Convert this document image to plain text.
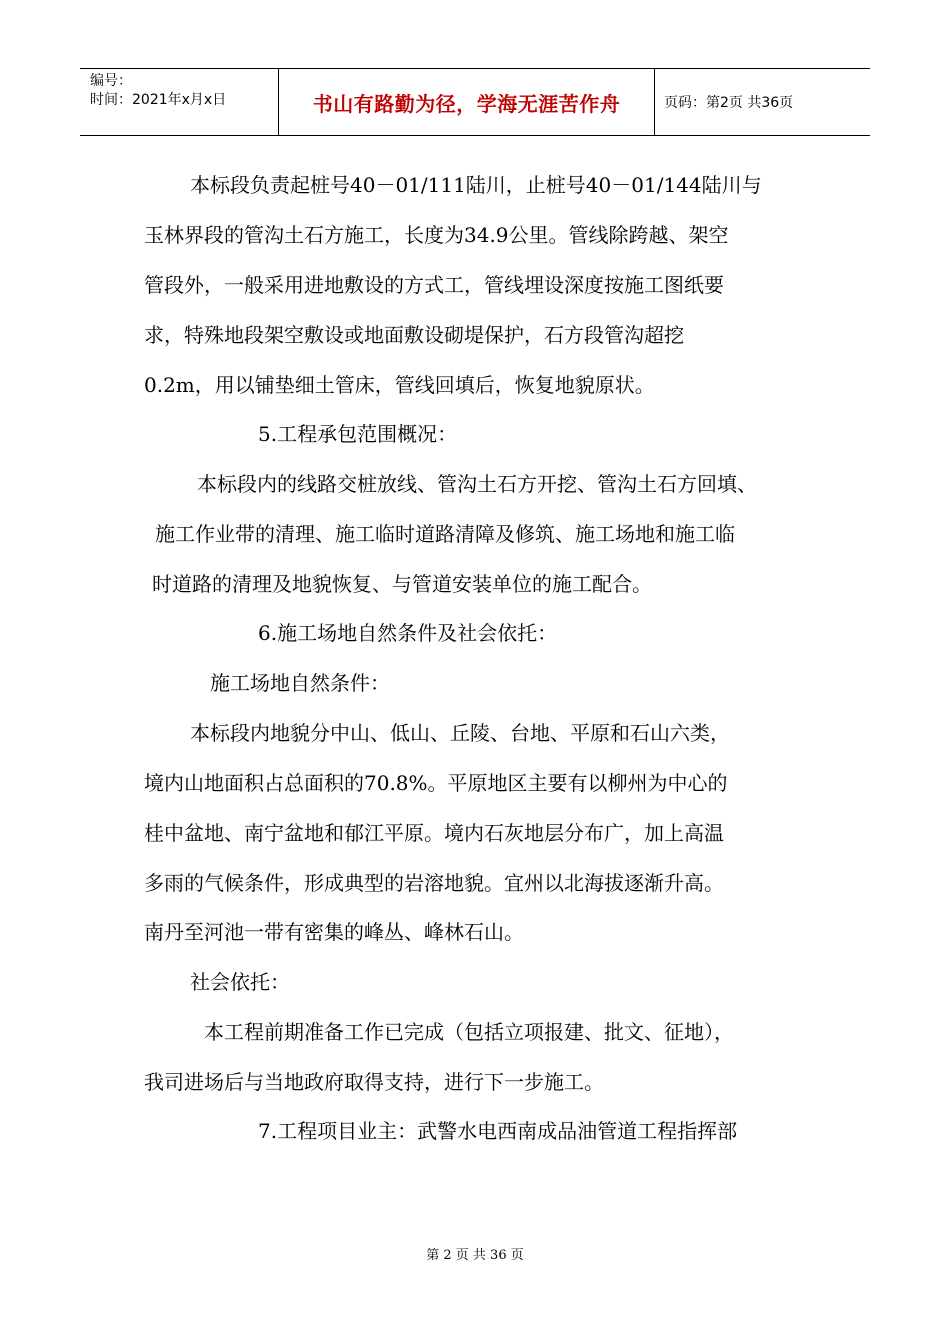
编号：
时间：2021年x月x日	书山有路勤为径，学海无涯苦作舟	页码：第2页 共36页
本标段负责起桩号40－01/111陆川，止桩号40－01/144陆川与
玉林界段的管沟土石方施工，长度为34.9公里。管线除跨越、架空
管段外，一般采用进地敷设的方式工，管线埋设深度按施工图纸要
求，特殊地段架空敷设或地面敷设砌堤保护，石方段管沟超挖
0.2m，用以铺垫细土管床，管线回填后，恢复地貌原状。
5.工程承包范围概况：
本标段内的线路交桩放线、管沟土石方开挖、管沟土石方回填、
施工作业带的清理、施工临时道路清障及修筑、施工场地和施工临
时道路的清理及地貌恢复、与管道安装单位的施工配合。
6.施工场地自然条件及社会依托：
施工场地自然条件：
本标段内地貌分中山、低山、丘陵、台地、平原和石山六类，
境内山地面积占总面积的70.8%。平原地区主要有以柳州为中心的
桂中盆地、南宁盆地和郁江平原。境内石灰地层分布广，加上高温
多雨的气候条件，形成典型的岩溶地貌。宜州以北海拔逐渐升高。
南丹至河池一带有密集的峰丛、峰林石山。
社会依托：
本工程前期准备工作已完成（包括立项报建、批文、征地），
我司进场后与当地政府取得支持，进行下一步施工。
7.工程项目业主：武警水电西南成品油管道工程指挥部
第 2 页 共 36 页
